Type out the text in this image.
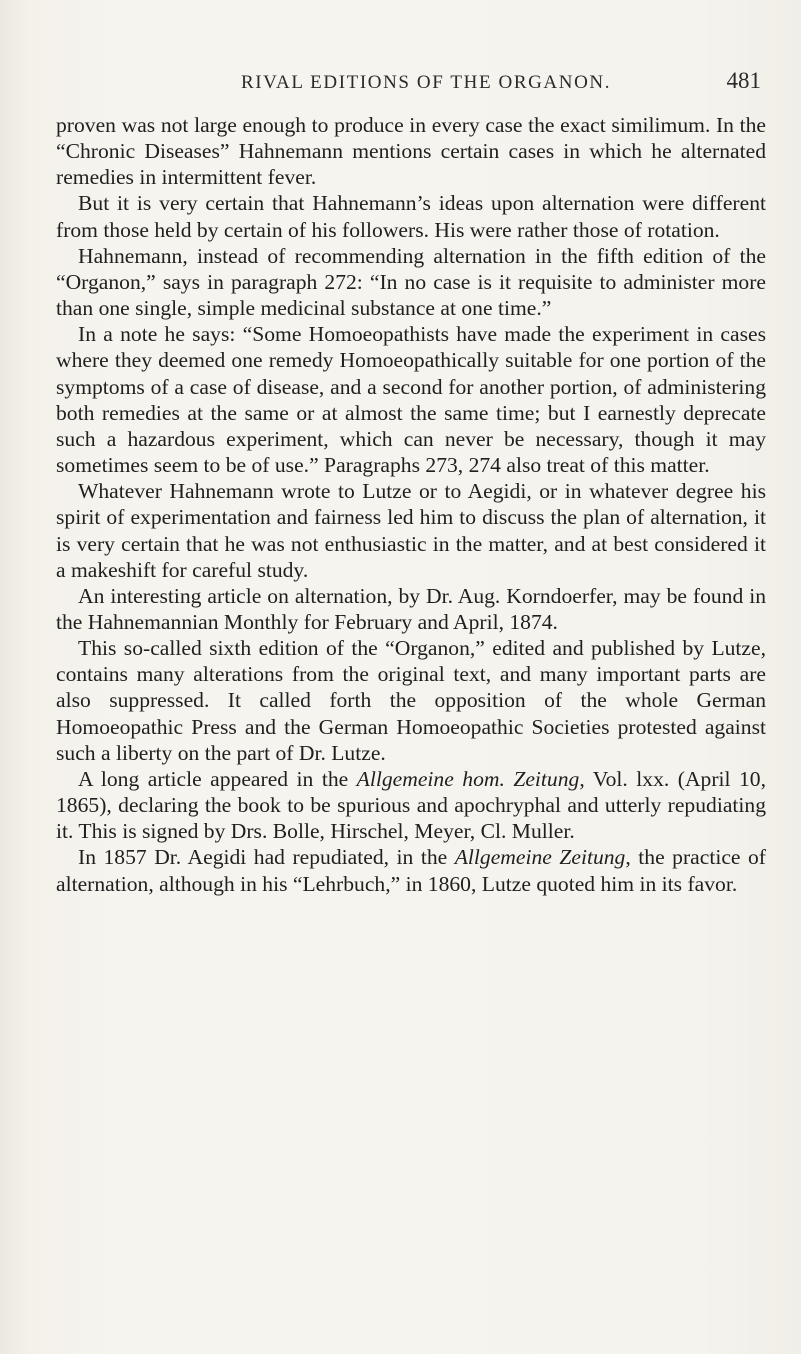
RIVAL EDITIONS OF THE ORGANON.	481

proven was not large enough to produce in every case the exact similimum. In the “Chronic Diseases” Hahnemann mentions certain cases in which he alternated remedies in intermittent fever.

But it is very certain that Hahnemann’s ideas upon alternation were different from those held by certain of his followers. His were rather those of rotation.

Hahnemann, instead of recommending alternation in the fifth edition of the “Organon,” says in paragraph 272: “In no case is it requisite to administer more than one single, simple medicinal substance at one time.”

In a note he says: “Some Homoeopathists have made the experiment in cases where they deemed one remedy Homoeopathically suitable for one portion of the symptoms of a case of disease, and a second for another portion, of administering both remedies at the same or at almost the same time; but I earnestly deprecate such a hazardous experiment, which can never be necessary, though it may sometimes seem to be of use.” Paragraphs 273, 274 also treat of this matter.

Whatever Hahnemann wrote to Lutze or to Aegidi, or in whatever degree his spirit of experimentation and fairness led him to discuss the plan of alternation, it is very certain that he was not enthusiastic in the matter, and at best considered it a makeshift for careful study.

An interesting article on alternation, by Dr. Aug. Korndoerfer, may be found in the Hahnemannian Monthly for February and April, 1874.

This so-called sixth edition of the “Organon,” edited and published by Lutze, contains many alterations from the original text, and many important parts are also suppressed. It called forth the opposition of the whole German Homoeopathic Press and the German Homoeopathic Societies protested against such a liberty on the part of Dr. Lutze.

A long article appeared in the Allgemeine hom. Zeitung, Vol. lxx. (April 10, 1865), declaring the book to be spurious and apochryphal and utterly repudiating it. This is signed by Drs. Bolle, Hirschel, Meyer, Cl. Muller.

In 1857 Dr. Aegidi had repudiated, in the Allgemeine Zeitung, the practice of alternation, although in his “Lehrbuch,” in 1860, Lutze quoted him in its favor.
